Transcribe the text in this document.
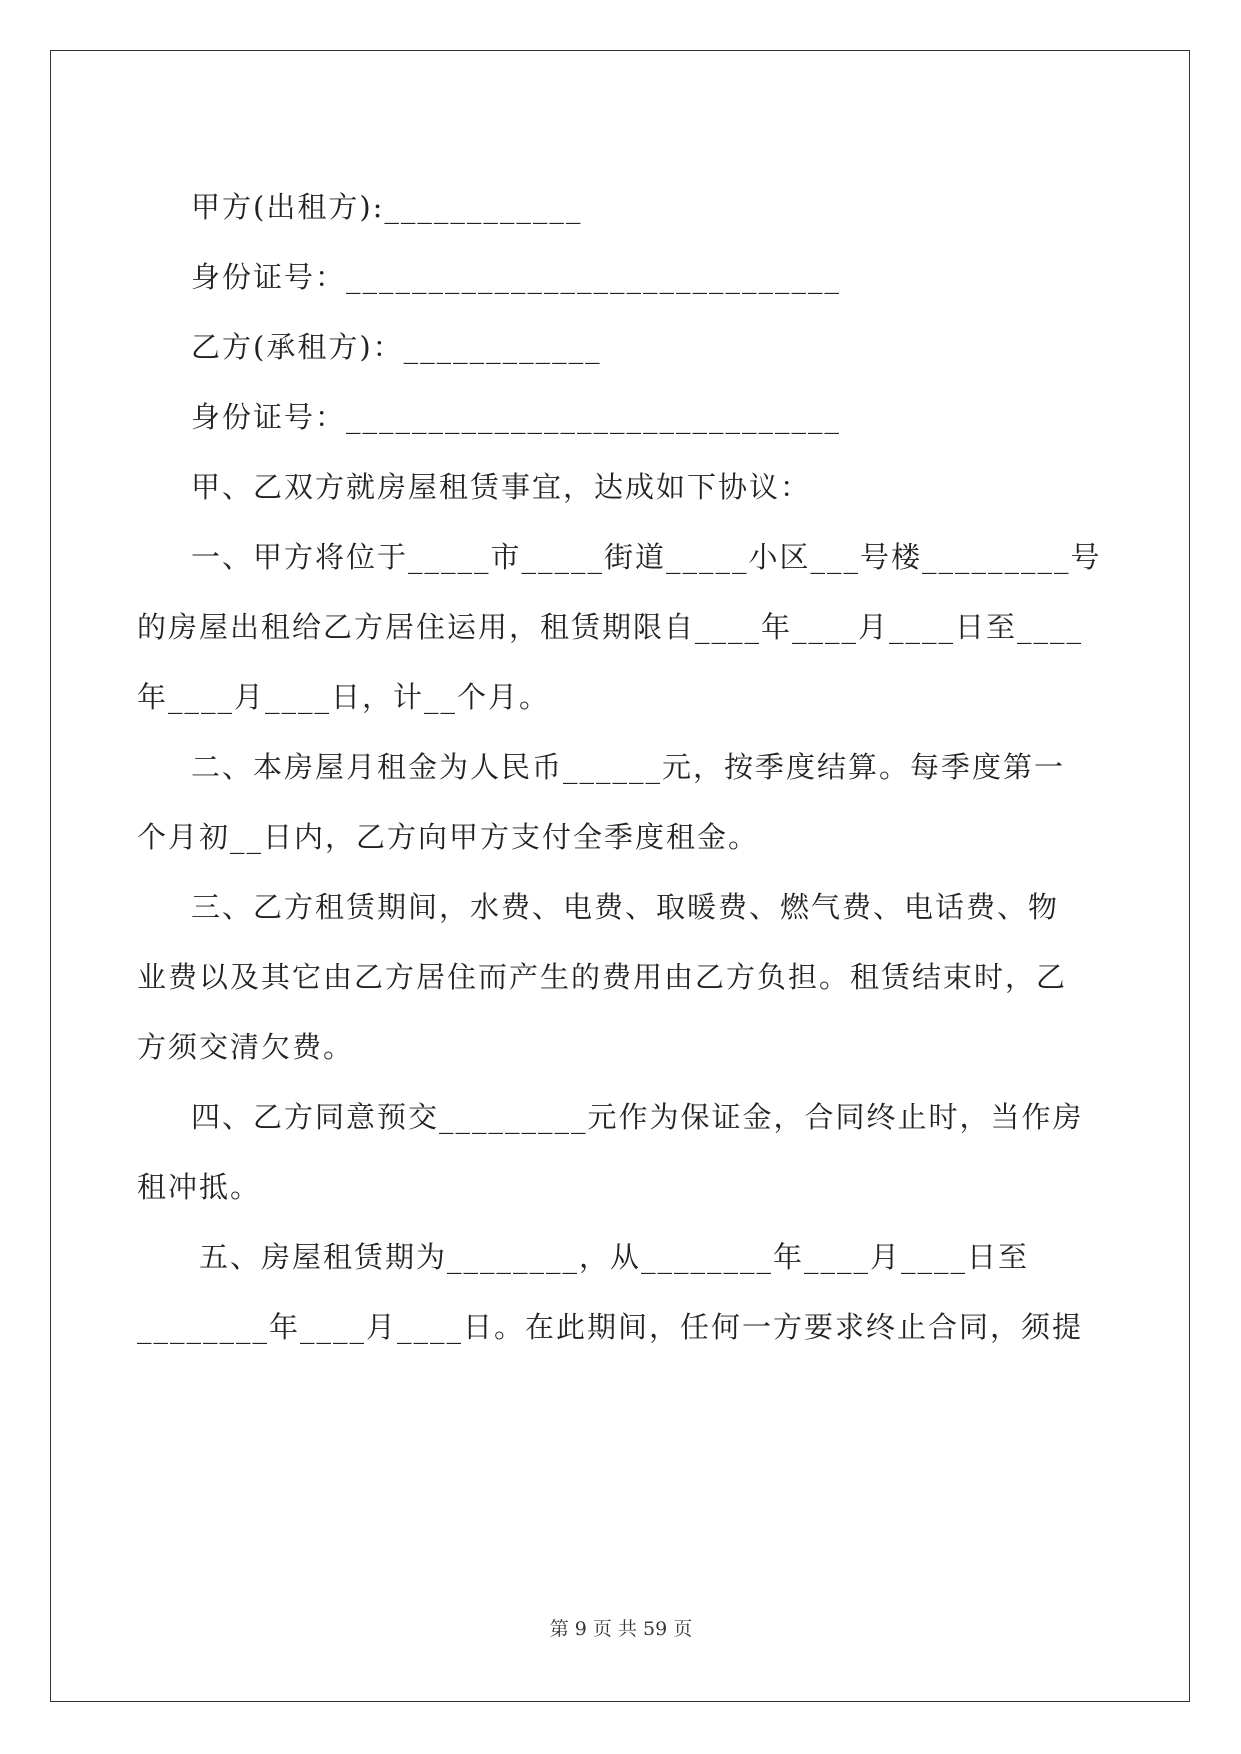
甲方(出租方):____________
身份证号：______________________________
乙方(承租方)：____________
身份证号：______________________________
甲、乙双方就房屋租赁事宜，达成如下协议：
一、甲方将位于_____市_____街道_____小区___号楼_________号
的房屋出租给乙方居住运用，租赁期限自____年____月____日至____
年____月____日，计__个月。
二、本房屋月租金为人民币______元，按季度结算。每季度第一
个月初__日内，乙方向甲方支付全季度租金。
三、乙方租赁期间，水费、电费、取暖费、燃气费、电话费、物
业费以及其它由乙方居住而产生的费用由乙方负担。租赁结束时，乙
方须交清欠费。
四、乙方同意预交_________元作为保证金，合同终止时，当作房
租冲抵。
五、房屋租赁期为________，从________年____月____日至
________年____月____日。在此期间，任何一方要求终止合同，须提
第 9 页 共 59 页
